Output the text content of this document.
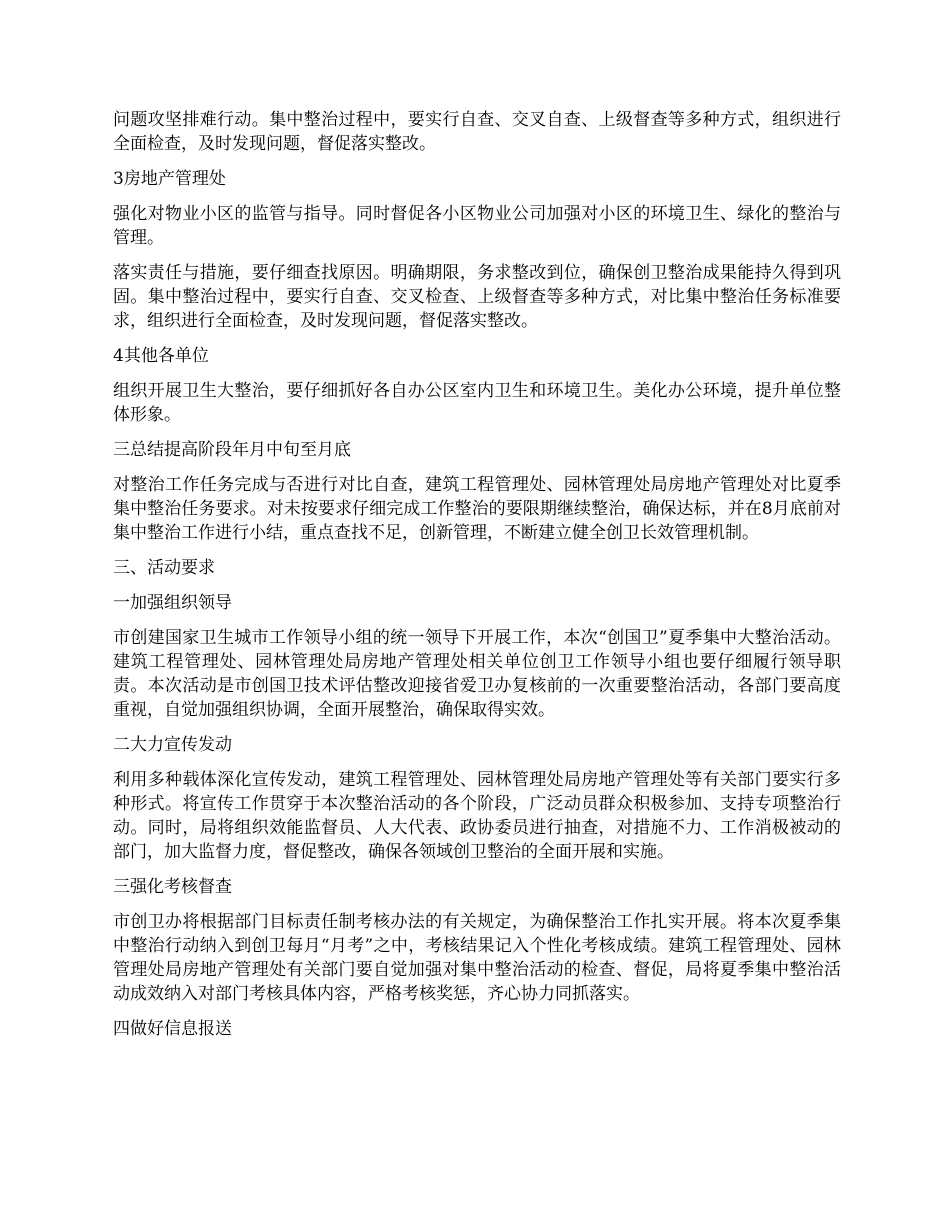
问题攻坚排难行动。集中整治过程中，要实行自查、交叉自查、上级督查等多种方式，组织进行全面检查，及时发现问题，督促落实整改。

3房地产管理处

强化对物业小区的监管与指导。同时督促各小区物业公司加强对小区的环境卫生、绿化的整治与管理。

落实责任与措施，要仔细查找原因。明确期限，务求整改到位，确保创卫整治成果能持久得到巩固。集中整治过程中，要实行自查、交叉检查、上级督查等多种方式，对比集中整治任务标准要求，组织进行全面检查，及时发现问题，督促落实整改。

4其他各单位

组织开展卫生大整治，要仔细抓好各自办公区室内卫生和环境卫生。美化办公环境，提升单位整体形象。

三总结提高阶段年月中旬至月底

对整治工作任务完成与否进行对比自查，建筑工程管理处、园林管理处局房地产管理处对比夏季集中整治任务要求。对未按要求仔细完成工作整治的要限期继续整治，确保达标，并在8月底前对集中整治工作进行小结，重点查找不足，创新管理，不断建立健全创卫长效管理机制。

三、活动要求

一加强组织领导

市创建国家卫生城市工作领导小组的统一领导下开展工作，本次“创国卫”夏季集中大整治活动。建筑工程管理处、园林管理处局房地产管理处相关单位创卫工作领导小组也要仔细履行领导职责。本次活动是市创国卫技术评估整改迎接省爱卫办复核前的一次重要整治活动，各部门要高度重视，自觉加强组织协调，全面开展整治，确保取得实效。

二大力宣传发动

利用多种载体深化宣传发动，建筑工程管理处、园林管理处局房地产管理处等有关部门要实行多种形式。将宣传工作贯穿于本次整治活动的各个阶段，广泛动员群众积极参加、支持专项整治行动。同时，局将组织效能监督员、人大代表、政协委员进行抽查，对措施不力、工作消极被动的部门，加大监督力度，督促整改，确保各领域创卫整治的全面开展和实施。

三强化考核督查

市创卫办将根据部门目标责任制考核办法的有关规定，为确保整治工作扎实开展。将本次夏季集中整治行动纳入到创卫每月“月考”之中，考核结果记入个性化考核成绩。建筑工程管理处、园林管理处局房地产管理处有关部门要自觉加强对集中整治活动的检查、督促，局将夏季集中整治活动成效纳入对部门考核具体内容，严格考核奖惩，齐心协力同抓落实。

四做好信息报送
